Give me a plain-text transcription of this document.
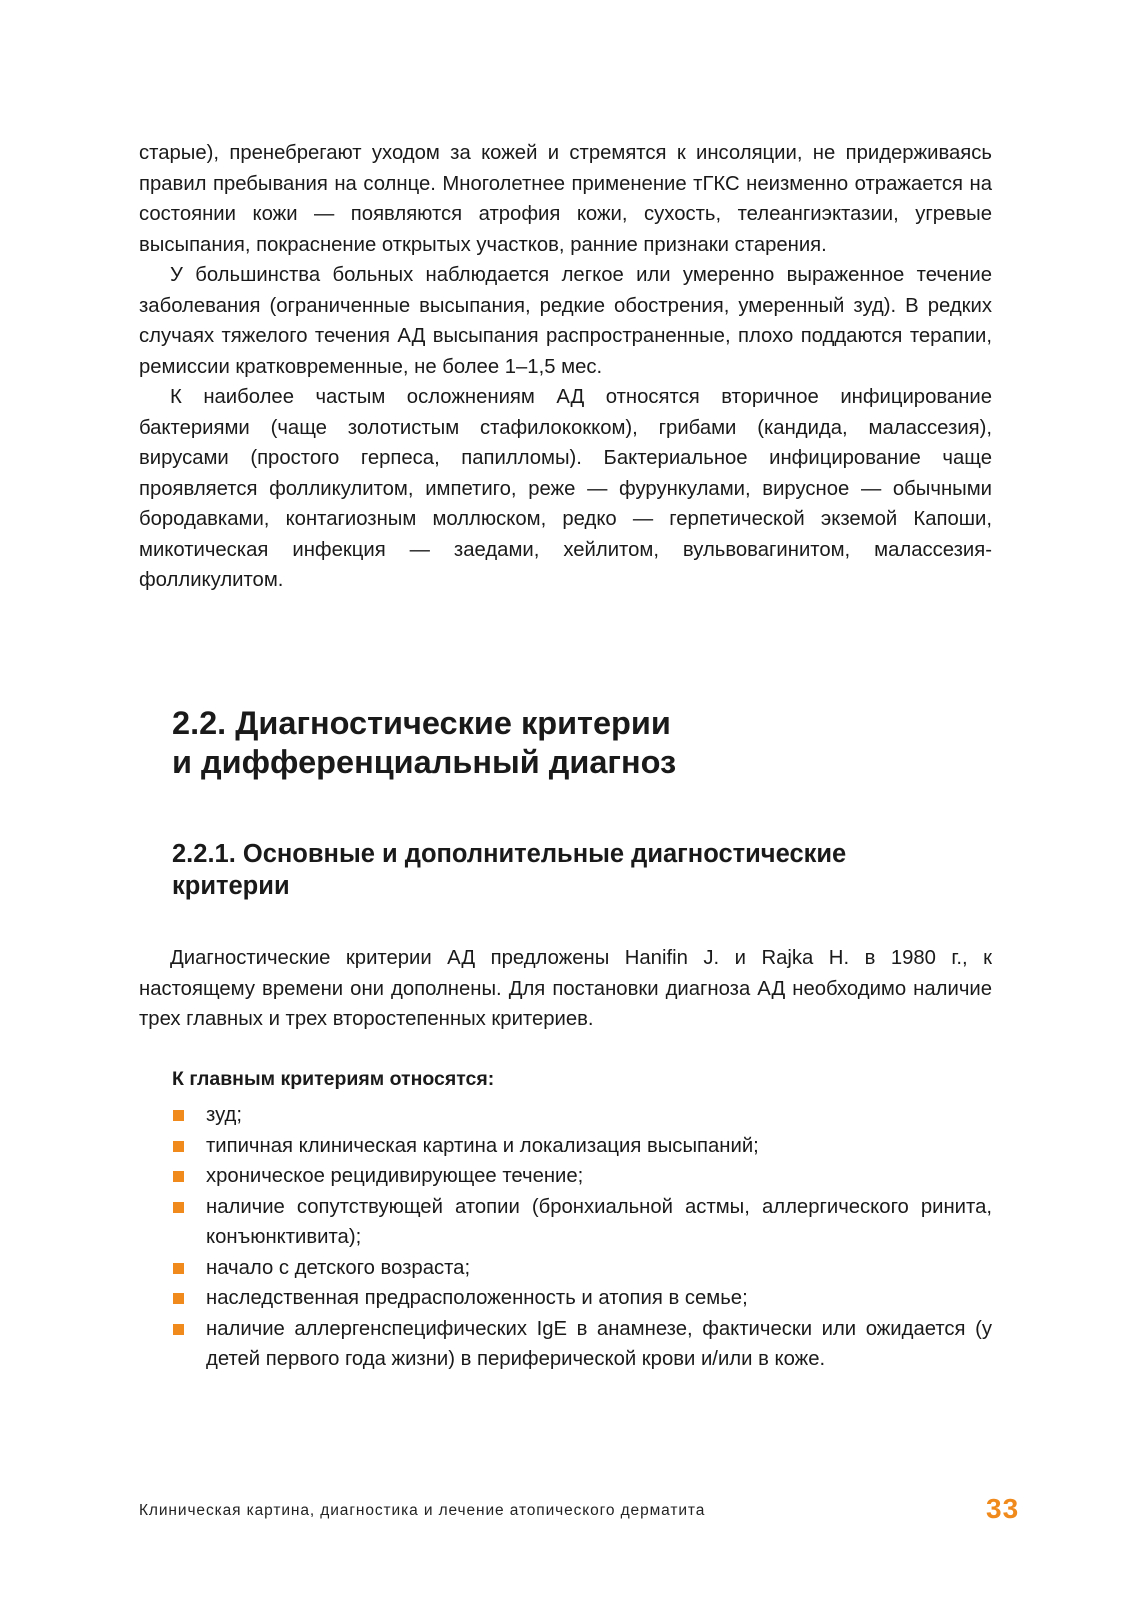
старые), пренебрегают уходом за кожей и стремятся к инсоляции, не придерживаясь правил пребывания на солнце. Многолетнее применение тГКС неизменно отражается на состоянии кожи — появляются атрофия кожи, сухость, телеангиэктазии, угревые высыпания, покраснение открытых участков, ранние признаки старения.

У большинства больных наблюдается легкое или умеренно выраженное течение заболевания (ограниченные высыпания, редкие обострения, умеренный зуд). В редких случаях тяжелого течения АД высыпания распространенные, плохо поддаются терапии, ремиссии кратковременные, не более 1–1,5 мес.

К наиболее частым осложнениям АД относятся вторичное инфицирование бактериями (чаще золотистым стафилококком), грибами (кандида, малассезия), вирусами (простого герпеса, папилломы). Бактериальное инфицирование чаще проявляется фолликулитом, импетиго, реже — фурункулами, вирусное — обычными бородавками, контагиозным моллюском, редко — герпетической экземой Капоши, микотическая инфекция — заедами, хейлитом, вульвовагинитом, малассезия-фолликулитом.

2.2. Диагностические критерии
и дифференциальный диагноз
2.2.1. Основные и дополнительные диагностические
критерии

Диагностические критерии АД предложены Hanifin J. и Rajka H. в 1980 г., к настоящему времени они дополнены. Для постановки диагноза АД необходимо наличие трех главных и трех второстепенных критериев.

К главным критериям относятся:

зуд;
типичная клиническая картина и локализация высыпаний;
хроническое рецидивирующее течение;
наличие сопутствующей атопии (бронхиальной астмы, аллергического ринита, конъюнктивита);
начало с детского возраста;
наследственная предрасположенность и атопия в семье;
наличие аллергенспецифических IgE в анамнезе, фактически или ожидается (у детей первого года жизни) в периферической крови и/или в коже.
Клиническая картина, диагностика и лечение атопического дерматита	33
